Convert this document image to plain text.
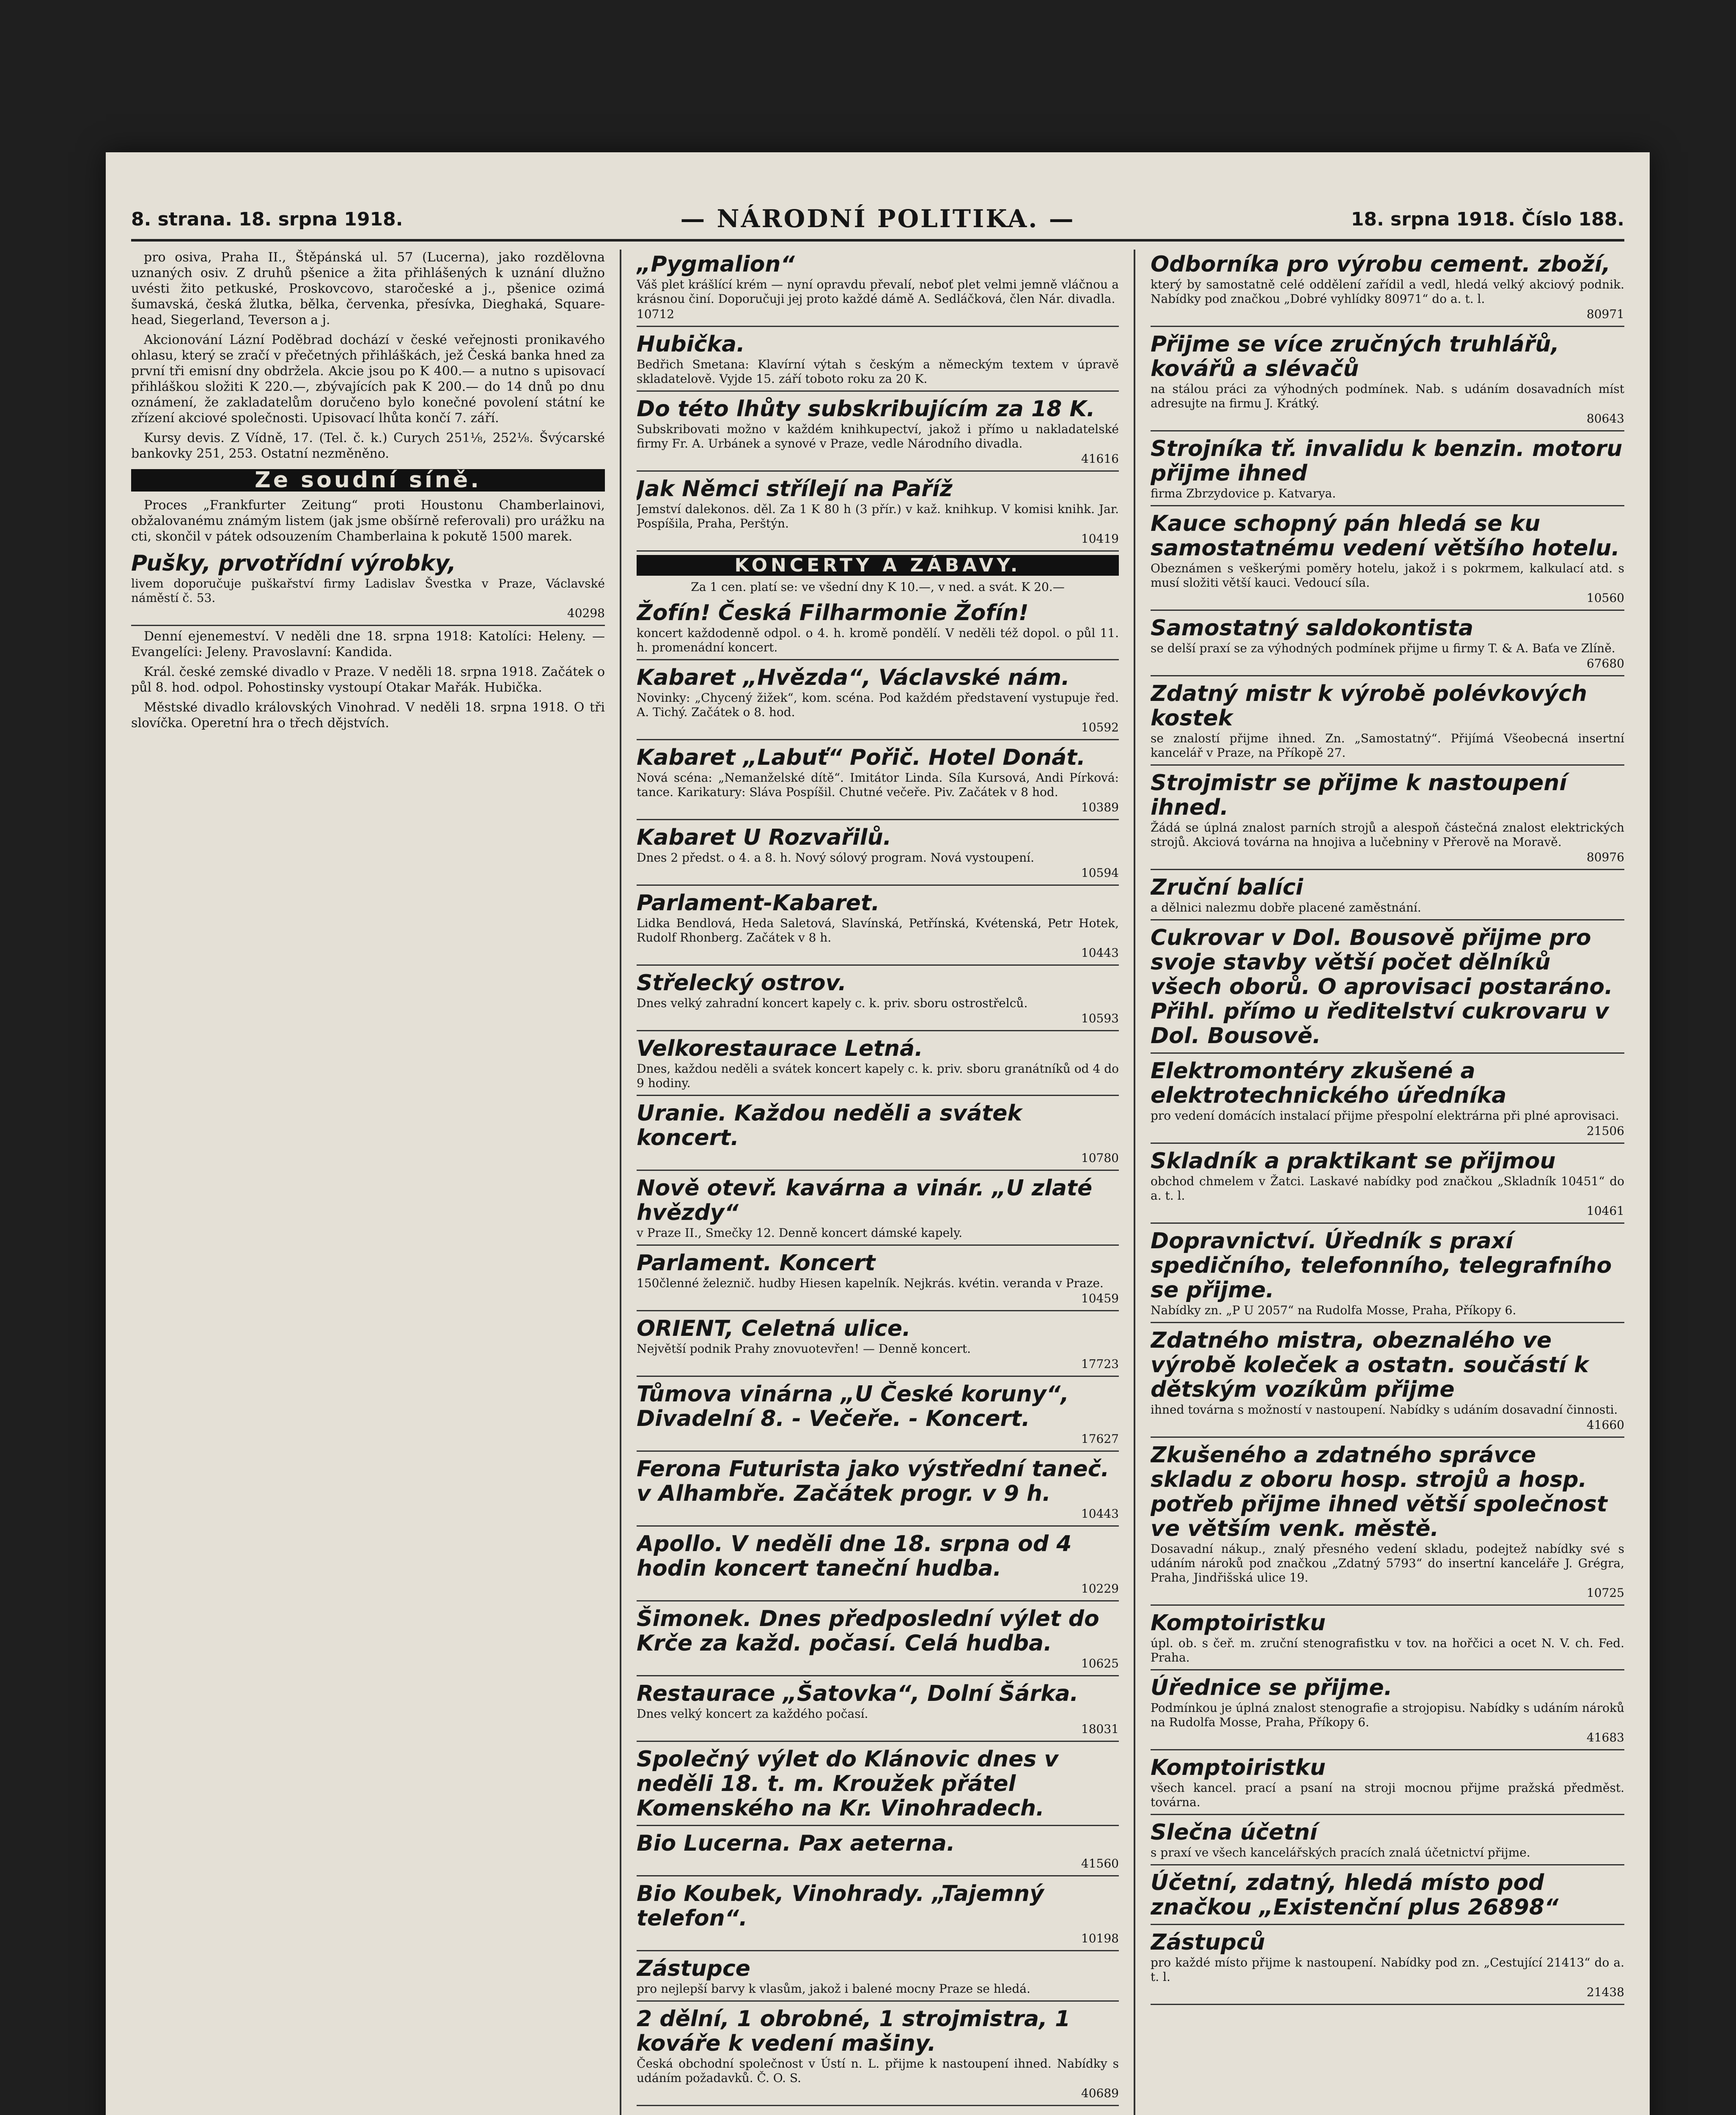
8. strana. 18. srpna 1918.	— NÁRODNÍ POLITIKA. —	18. srpna 1918. Číslo 188.

pro osiva, Praha II., Štěpánská ul. 57 (Lucerna), jako rozdělovna uznaných osiv. Z druhů pšenice a žita přihlášených k uznání dlužno uvésti žito petkuské, Proskovcovo, staročeské a j., pšenice ozimá šumavská, česká žlutka, bělka, červenka, přesívka, Dieghaká, Square-head, Siegerland, Teverson a j.

Akcionování Lázní Poděbrad dochází v české veřejnosti pronikavého ohlasu, který se zračí v přečetných přihláškách, jež Česká banka hned za první tři emisní dny obdržela. Akcie jsou po K 400.— a nutno s upisovací přihláškou složiti K 220.—, zbývajících pak K 200.— do 14 dnů po dnu oznámení, že zakladatelům doručeno bylo konečné povolení státní ke zřízení akciové společnosti. Upisovací lhůta končí 7. září.

Kursy devis. Z Vídně, 17. (Tel. č. k.) Curych 251⅛, 252⅛. Švýcarské bankovky 251, 253. Ostatní nezměněno.

Ze soudní síně.

Proces „Frankfurter Zeitung“ proti Houstonu Chamberlainovi, obžalovanému známým listem (jak jsme obšírně referovali) pro urážku na cti, skončil v pátek odsouzením Chamberlaina k pokutě 1500 marek.

Pušky, prvotřídní výrobky,
livem doporučuje puškařství firmy Ladislav Švestka v Praze, Václavské náměstí č. 53.
40298

Denní ejenemeství. V neděli dne 18. srpna 1918: Katolíci: Heleny. — Evangelíci: Jeleny. Pravoslavní: Kandida.

Král. české zemské divadlo v Praze. V neděli 18. srpna 1918. Začátek o půl 8. hod. odpol. Pohostinsky vystoupí Otakar Mařák. Hubička.

Městské divadlo královských Vinohrad. V neděli 18. srpna 1918. O tři slovíčka. Operetní hra o třech dějstvích.

„Pygmalion“
Váš plet krášlící krém — nyní opravdu převalí, neboť plet velmi jemně vláčnou a krásnou činí. Doporučuji jej proto každé dámě A. Sedláčková, člen Nár. divadla.
10712
Hubička.
Bedřich Smetana: Klavírní výtah s českým a německým textem v úpravě skladatelově. Vyjde 15. září toboto roku za 20 K.
Do této lhůty subskribujícím za 18 K.
Subskribovati možno v každém knihkupectví, jakož i přímo u nakladatelské firmy Fr. A. Urbánek a synové v Praze, vedle Národního divadla.
41616
Jak Němci střílejí na Paříž
Jemství dalekonos. děl. Za 1 K 80 h (3 přír.) v kaž. knihkup. V komisi knihk. Jar. Pospíšila, Praha, Perštýn.
10419
KONCERTY A ZÁBAVY.
Za 1 cen. platí se: ve všední dny K 10.—, v ned. a svát. K 20.—
Žofín! Česká Filharmonie Žofín!
koncert každodenně odpol. o 4. h. kromě pondělí. V neděli též dopol. o půl 11. h. promenádní koncert.
Kabaret „Hvězda“, Václavské nám.
Novinky: „Chycený žižek“, kom. scéna. Pod každém představení vystupuje řed. A. Tichý. Začátek o 8. hod.
10592
Kabaret „Labuť“ Pořič. Hotel Donát.
Nová scéna: „Nemanželské dítě“. Imitátor Linda. Síla Kursová, Andi Pírková: tance. Karikatury: Sláva Pospíšil. Chutné večeře. Piv. Začátek v 8 hod.
10389
Kabaret U Rozvařilů.
Dnes 2 předst. o 4. a 8. h. Nový sólový program. Nová vystoupení.
10594
Parlament-Kabaret.
Lidka Bendlová, Heda Saletová, Slavínská, Petřínská, Kvétenská, Petr Hotek, Rudolf Rhonberg. Začátek v 8 h.
10443
Střelecký ostrov.
Dnes velký zahradní koncert kapely c. k. priv. sboru ostrostřelců.
10593
Velkorestaurace Letná.
Dnes, každou neděli a svátek koncert kapely c. k. priv. sboru granátníků od 4 do 9 hodiny.
Uranie. Každou neděli a svátek koncert.
10780
Nově otevř. kavárna a vinár. „U zlaté hvězdy“
v Praze II., Smečky 12. Denně koncert dámské kapely.
Parlament. Koncert
150členné železnič. hudby Hiesen kapelník. Nejkrás. kvétin. veranda v Praze.
10459
ORIENT, Celetná ulice.
Největší podnik Prahy znovuotevřen! — Denně koncert.
17723
Tůmova vinárna „U České koruny“, Divadelní 8. - Večeře. - Koncert.
17627
Ferona Futurista jako výstřední taneč. v Alhambře. Začátek progr. v 9 h.
10443
Apollo. V neděli dne 18. srpna od 4 hodin koncert taneční hudba.
10229
Šimonek. Dnes předposlední výlet do Krče za každ. počasí. Celá hudba.
10625
Restaurace „Šatovka“, Dolní Šárka.
Dnes velký koncert za každého počasí.
18031
Společný výlet do Klánovic dnes v neděli 18. t. m. Kroužek přátel Komenského na Kr. Vinohradech.
Bio Lucerna. Pax aeterna.
41560
Bio Koubek, Vinohrady. „Tajemný telefon“.
10198
Zástupce
pro nejlepší barvy k vlasům, jakož i balené mocny Praze se hledá.
2 dělní, 1 obrobné, 1 strojmistra, 1 kováře k vedení mašiny.
Česká obchodní společnost v Ústí n. L. přijme k nastoupení ihned. Nabídky s udáním požadavků. Č. O. S.
40689
Odborníka pro výrobu cement. zboží,
který by samostatně celé oddělení zařídil a vedl, hledá velký akciový podnik. Nabídky pod značkou „Dobré vyhlídky 80971“ do a. t. l.
80971
Přijme se více zručných truhlářů, kovářů a slévačů
na stálou práci za výhodných podmínek. Nab. s udáním dosavadních míst adresujte na firmu J. Krátký.
80643
Strojníka tř. invalidu k benzin. motoru přijme ihned
firma Zbrzydovice p. Katvarya.
Kauce schopný pán hledá se ku samostatnému vedení většího hotelu.
Obeznámen s veškerými poměry hotelu, jakož i s pokrmem, kalkulací atd. s musí složiti větší kauci. Vedoucí síla.
10560
Samostatný saldokontista
se delší praxí se za výhodných podmínek přijme u firmy T. & A. Baťa ve Zlíně.
67680
Zdatný mistr k výrobě polévkových kostek
se znalostí přijme ihned. Zn. „Samostatný“. Přijímá Všeobecná insertní kancelář v Praze, na Příkopě 27.
Strojmistr se přijme k nastoupení ihned.
Žádá se úplná znalost parních strojů a alespoň částečná znalost elektrických strojů. Akciová továrna na hnojiva a lučebniny v Přerově na Moravě.
80976
Zruční balíci
a dělnici nalezmu dobře placené zaměstnání.
Cukrovar v Dol. Bousově přijme pro svoje stavby větší počet dělníků všech oborů. O aprovisaci postaráno. Přihl. přímo u ředitelství cukrovaru v Dol. Bousově.
Elektromontéry zkušené a elektrotechnického úředníka
pro vedení domácích instalací přijme přespolní elektrárna při plné aprovisaci.
21506
Skladník a praktikant se přijmou
obchod chmelem v Žatci. Laskavé nabídky pod značkou „Skladník 10451“ do a. t. l.
10461
Dopravnictví. Úředník s praxí spedičního, telefonního, telegrafního se přijme.
Nabídky zn. „P U 2057“ na Rudolfa Mosse, Praha, Příkopy 6.
Zdatného mistra, obeznalého ve výrobě koleček a ostatn. součástí k dětským vozíkům přijme
ihned továrna s možností v nastoupení. Nabídky s udáním dosavadní činnosti.
41660
Zkušeného a zdatného správce skladu z oboru hosp. strojů a hosp. potřeb přijme ihned větší společnost ve větším venk. městě.
Dosavadní nákup., znalý přesného vedení skladu, podejtež nabídky své s udáním nároků pod značkou „Zdatný 5793“ do insertní kanceláře J. Grégra, Praha, Jindřišská ulice 19.
10725
Komptoiristku
úpl. ob. s čeř. m. zruční stenografistku v tov. na hořčici a ocet N. V. ch. Fed. Praha.
Úřednice se přijme.
Podmínkou je úplná znalost stenografie a strojopisu. Nabídky s udáním nároků na Rudolfa Mosse, Praha, Příkopy 6.
41683
Komptoiristku
všech kancel. prací a psaní na stroji mocnou přijme pražská předměst. továrna.
Slečna účetní
s praxí ve všech kancelářských pracích znalá účetnictví přijme.
Účetní, zdatný, hledá místo pod značkou „Existenční plus 26898“
Zástupců
pro každé místo přijme k nastoupení. Nabídky pod zn. „Cestující 21413“ do a. t. l.
21438
